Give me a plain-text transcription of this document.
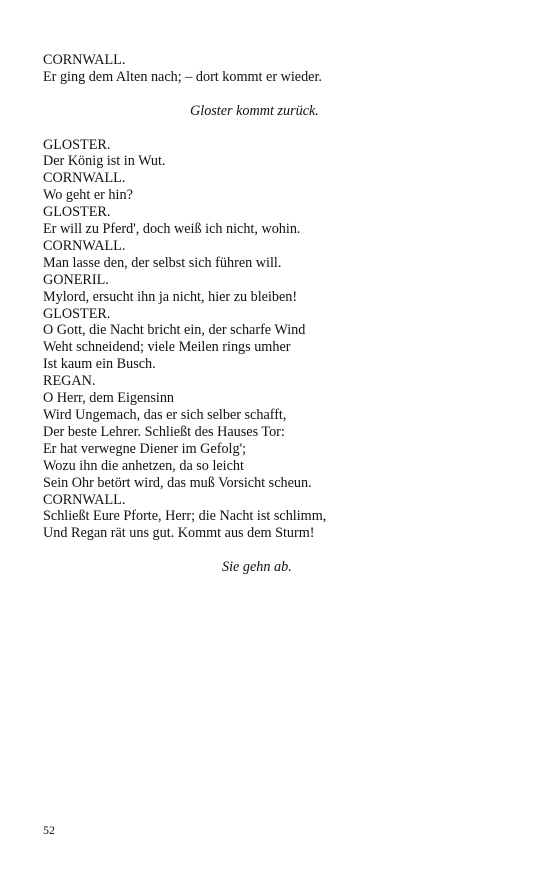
CORNWALL.
Er ging dem Alten nach; – dort kommt er wieder.
Gloster kommt zurück.
GLOSTER.
Der König ist in Wut.
CORNWALL.
Wo geht er hin?
GLOSTER.
Er will zu Pferd', doch weiß ich nicht, wohin.
CORNWALL.
Man lasse den, der selbst sich führen will.
GONERIL.
Mylord, ersucht ihn ja nicht, hier zu bleiben!
GLOSTER.
O Gott, die Nacht bricht ein, der scharfe Wind
Weht schneidend; viele Meilen rings umher
Ist kaum ein Busch.
REGAN.
O Herr, dem Eigensinn
Wird Ungemach, das er sich selber schafft,
Der beste Lehrer. Schließt des Hauses Tor:
Er hat verwegne Diener im Gefolg';
Wozu ihn die anhetzen, da so leicht
Sein Ohr betört wird, das muß Vorsicht scheun.
CORNWALL.
Schließt Eure Pforte, Herr; die Nacht ist schlimm,
Und Regan rät uns gut. Kommt aus dem Sturm!
Sie gehn ab.
52
